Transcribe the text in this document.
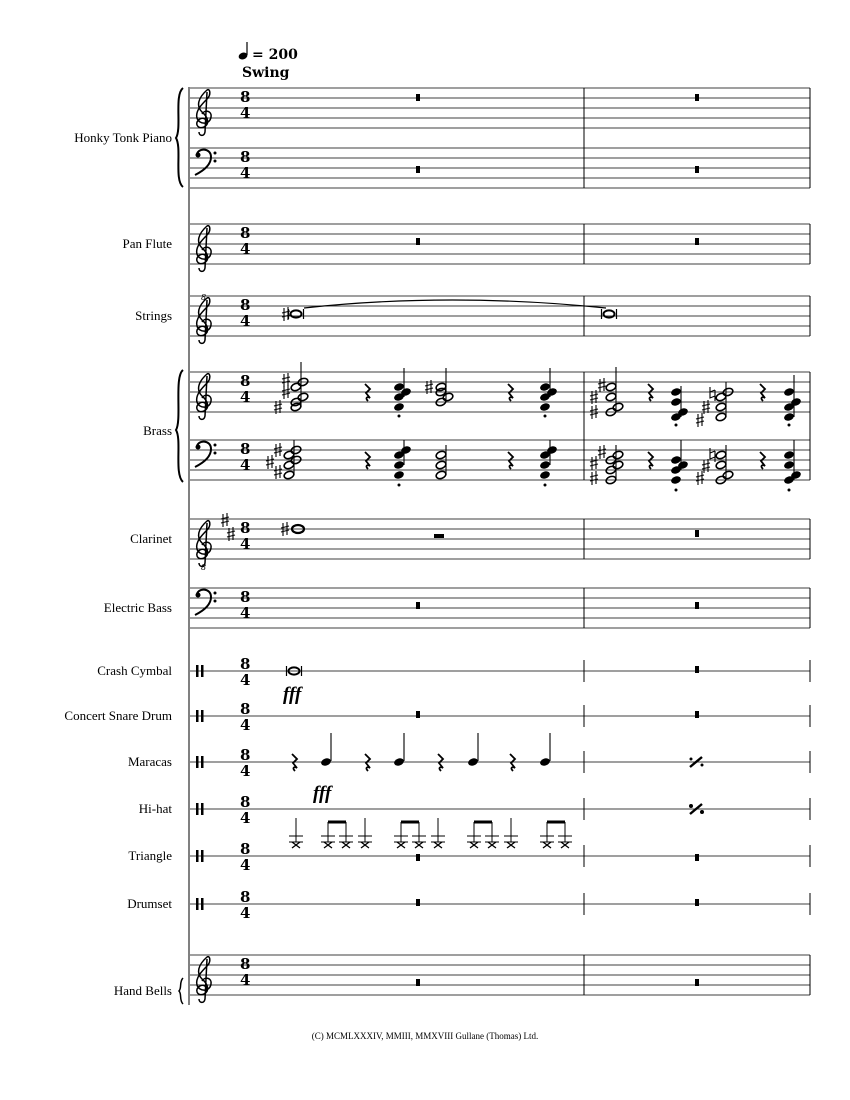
= 200
Swing
8
8
8
4
8
4
8
4
8
4
8
4
8
4
8
4
8
4
8
4
8
4
8
4
8
4
8
4
8
4
8
4
Honky Tonk Piano
Pan Flute
Strings
Brass
Clarinet
Electric Bass
Crash Cymbal
Concert Snare Drum
Maracas
Hi-hat
Triangle
Drumset
Hand Bells
fff
fff
(C) MCMLXXXIV, MMIII, MMXVIII Gullane (Thomas) Ltd.
